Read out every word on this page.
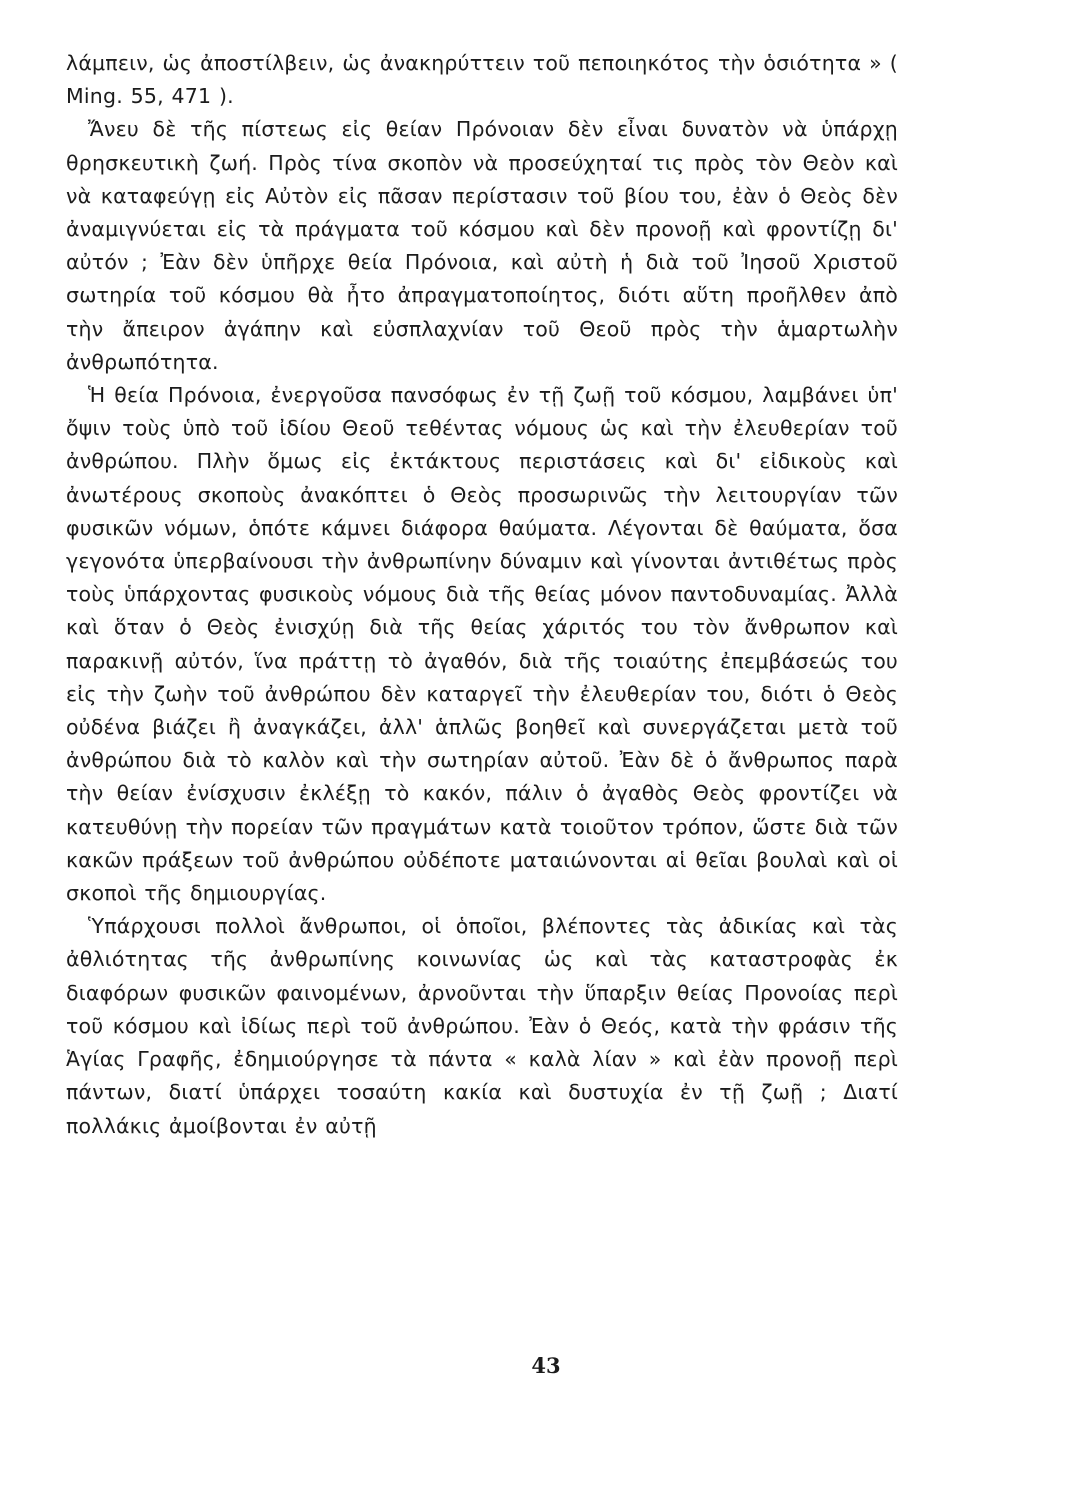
λάμπειν, ὡς ἀποστίλβειν, ὡς ἀνακηρύττειν τοῦ πεποιηκότος τὴν ὁσιότητα » ( Ming. 55, 471 ).

Ἄνευ δὲ τῆς πίστεως εἰς θείαν Πρόνοιαν δὲν εἶναι δυνατὸν νὰ ὑπάρχῃ θρησκευτικὴ ζωή. Πρὸς τίνα σκοπὸν νὰ προσεύχηταί τις πρὸς τὸν Θεὸν καὶ νὰ καταφεύγῃ εἰς Αὐτὸν εἰς πᾶσαν περίστασιν τοῦ βίου του, ἐὰν ὁ Θεὸς δὲν ἀναμιγνύεται εἰς τὰ πράγματα τοῦ κόσμου καὶ δὲν προνοῇ καὶ φροντίζῃ δι' αὐτόν ; Ἐὰν δὲν ὑπῆρχε θεία Πρόνοια, καὶ αὐτὴ ἡ διὰ τοῦ Ἰησοῦ Χριστοῦ σωτηρία τοῦ κόσμου θὰ ἦτο ἀπραγματοποίητος, διότι αὕτη προῆλθεν ἀπὸ τὴν ἄπειρον ἀγάπην καὶ εὐσπλαχνίαν τοῦ Θεοῦ πρὸς τὴν ἁμαρτωλὴν ἀνθρωπότητα.

Ἡ θεία Πρόνοια, ἐνεργοῦσα πανσόφως ἐν τῇ ζωῇ τοῦ κόσμου, λαμβάνει ὑπ' ὄψιν τοὺς ὑπὸ τοῦ ἰδίου Θεοῦ τεθέντας νόμους ὡς καὶ τὴν ἐλευθερίαν τοῦ ἀνθρώπου. Πλὴν ὅμως εἰς ἐκτάκτους περιστάσεις καὶ δι' εἰδικοὺς καὶ ἀνωτέρους σκοποὺς ἀνακόπτει ὁ Θεὸς προσωρινῶς τὴν λειτουργίαν τῶν φυσικῶν νόμων, ὁπότε κάμνει διάφορα θαύματα. Λέγονται δὲ θαύματα, ὅσα γεγονότα ὑπερβαίνουσι τὴν ἀνθρωπίνην δύναμιν καὶ γίνονται ἀντιθέτως πρὸς τοὺς ὑπάρχοντας φυσικοὺς νόμους διὰ τῆς θείας μόνον παντοδυναμίας. Ἀλλὰ καὶ ὅταν ὁ Θεὸς ἐνισχύῃ διὰ τῆς θείας χάριτός του τὸν ἄνθρωπον καὶ παρακινῇ αὐτόν, ἵνα πράττῃ τὸ ἀγαθόν, διὰ τῆς τοιαύτης ἐπεμβάσεώς του εἰς τὴν ζωὴν τοῦ ἀνθρώπου δὲν καταργεῖ τὴν ἐλευθερίαν του, διότι ὁ Θεὸς οὐδένα βιάζει ἢ ἀναγκάζει, ἀλλ' ἁπλῶς βοηθεῖ καὶ συνεργάζεται μετὰ τοῦ ἀνθρώπου διὰ τὸ καλὸν καὶ τὴν σωτηρίαν αὐτοῦ. Ἐὰν δὲ ὁ ἄνθρωπος παρὰ τὴν θείαν ἐνίσχυσιν ἐκλέξῃ τὸ κακόν, πάλιν ὁ ἀγαθὸς Θεὸς φροντίζει νὰ κατευθύνῃ τὴν πορείαν τῶν πραγμάτων κατὰ τοιοῦτον τρόπον, ὥστε διὰ τῶν κακῶν πράξεων τοῦ ἀνθρώπου οὐδέποτε ματαιώνονται αἱ θεῖαι βουλαὶ καὶ οἱ σκοποὶ τῆς δημιουργίας.

Ὑπάρχουσι πολλοὶ ἄνθρωποι, οἱ ὁποῖοι, βλέποντες τὰς ἀδικίας καὶ τὰς ἀθλιότητας τῆς ἀνθρωπίνης κοινωνίας ὡς καὶ τὰς καταστροφὰς ἐκ διαφόρων φυσικῶν φαινομένων, ἀρνοῦνται τὴν ὕπαρξιν θείας Προνοίας περὶ τοῦ κόσμου καὶ ἰδίως περὶ τοῦ ἀνθρώπου. Ἐὰν ὁ Θεός, κατὰ τὴν φράσιν τῆς Ἁγίας Γραφῆς, ἐδημιούργησε τὰ πάντα « καλὰ λίαν » καὶ ἐὰν προνοῇ περὶ πάντων, διατί ὑπάρχει τοσαύτη κακία καὶ δυστυχία ἐν τῇ ζωῇ ; Διατί πολλάκις ἀμοίβονται ἐν αὐτῇ

43
